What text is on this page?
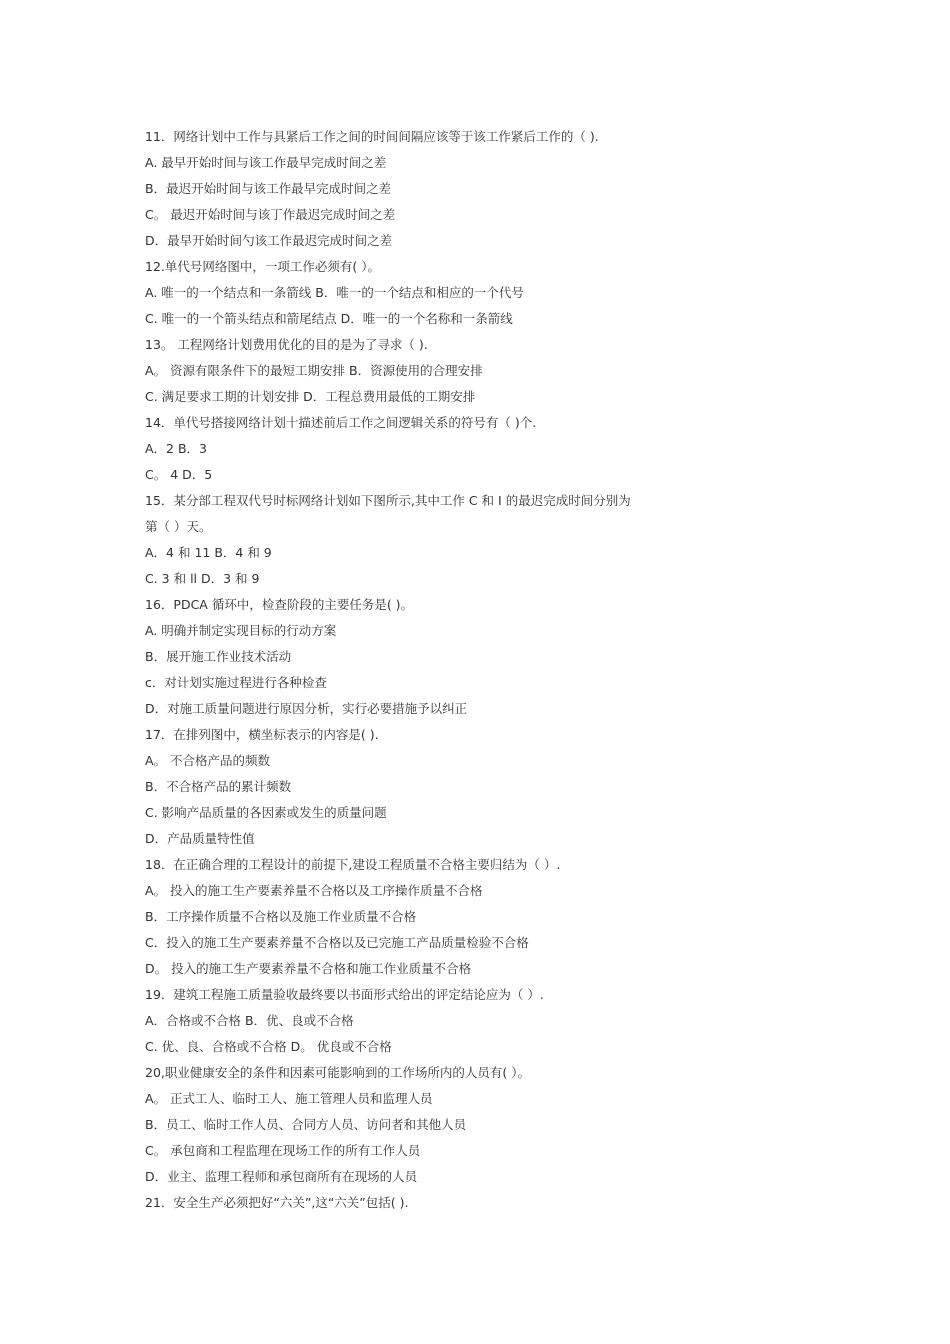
11．网络计划中工作与具紧后工作之间的时间间隔应该等于该工作紧后工作的（ ).
A. 最早开始时间与该工作最早完成时间之差
B．最迟开始时间与该工作最早完成时间之差
C。 最迟开始时间与该丁作最迟完成时间之差
D．最早开始时间勺该工作最迟完成时间之差
12.单代号网络图中，一项工作必须有( ）。
A. 唯一的一个结点和一条箭线 B．唯一的一个结点和相应的一个代号
C. 唯一的一个箭头结点和箭尾结点 D．唯一的一个名称和一条箭线
13。 工程网络计划费用优化的目的是为了寻求（ ).
A。 资源有限条件下的最短工期安排 B．资源使用的合理安排
C. 满足要求工期的计划安排 D．工程总费用最低的工期安排
14．单代号搭接网络计划十描述前后工作之间逻辑关系的符号有（ )个.
A．2 B．3
C。 4 D．5
15．某分部工程双代号时标网络计划如下图所示,其中工作 C 和 I 的最迟完成时间分别为
第（ ）天。
A．4 和 11 B．4 和 9
C. 3 和 ll D．3 和 9
16．PDCA 循环中，检查阶段的主要任务是( )。
A. 明确并制定实现目标的行动方案
B．展开施工作业技术活动
c．对计划实施过程进行各种检查
D．对施工质量问题进行原因分析，实行必要措施予以纠正
17．在排列图中，横坐标表示的内容是( ).
A。 不合格产品的频数
B．不合格产品的累计频数
C. 影响产品质量的各因素或发生的质量问题
D．产品质量特性值
18．在正确合理的工程设计的前提下,建设工程质量不合格主要归结为（ ）.
A。 投入的施工生产要素养量不合格以及工序操作质量不合格
B．工序操作质量不合格以及施工作业质量不合格
C．投入的施工生产要素养量不合格以及已完施工产品质量检验不合格
D。 投入的施工生产要素养量不合格和施工作业质量不合格
19．建筑工程施工质量验收最终要以书面形式给出的评定结论应为（ ）.
A．合格或不合格 B．优、良或不合格
C. 优、良、合格或不合格 D。 优良或不合格
20,职业健康安全的条件和因素可能影响到的工作场所内的人员有( ）。
A。 正式工人、临时工人、施工管理人员和监理人员
B．员工、临时工作人员、合同方人员、访问者和其他人员
C。 承包商和工程监理在现场工作的所有工作人员
D．业主、监理工程师和承包商所有在现场的人员
21．安全生产必须把好“六关”,这“六关”包括( ).
